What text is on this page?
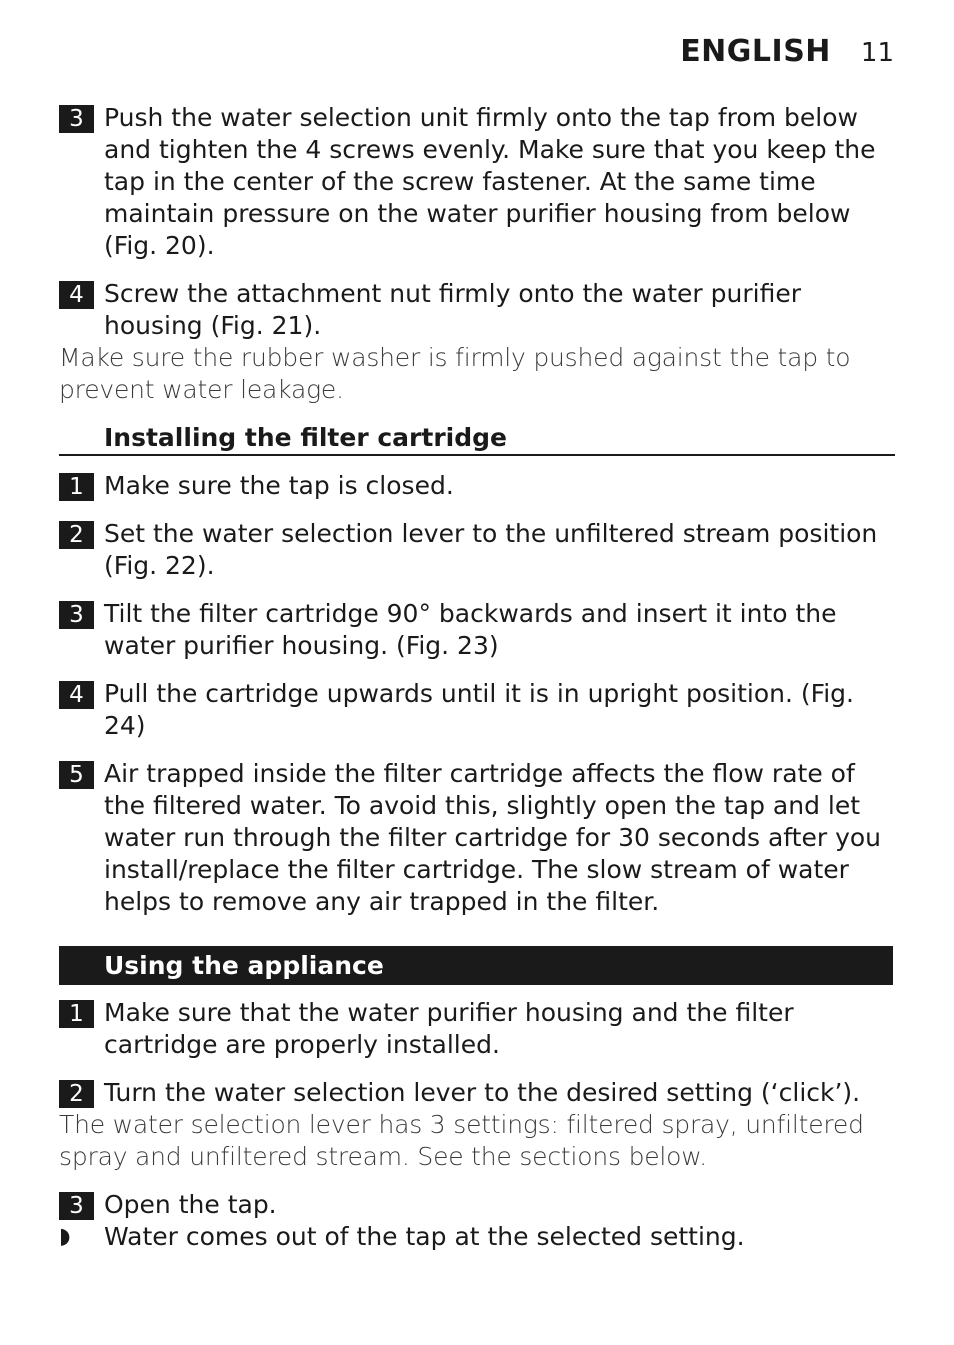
ENGLISH 11
3 Push the water selection unit firmly onto the tap from below and tighten the 4 screws evenly. Make sure that you keep the tap in the center of the screw fastener. At the same time maintain pressure on the water purifier housing from below (Fig. 20).
4 Screw the attachment nut firmly onto the water purifier housing (Fig. 21).
Make sure the rubber washer is firmly pushed against the tap to prevent water leakage.
Installing the filter cartridge
1 Make sure the tap is closed.
2 Set the water selection lever to the unfiltered stream position (Fig. 22).
3 Tilt the filter cartridge 90° backwards and insert it into the water purifier housing. (Fig. 23)
4 Pull the cartridge upwards until it is in upright position. (Fig. 24)
5 Air trapped inside the filter cartridge affects the flow rate of the filtered water. To avoid this, slightly open the tap and let water run through the filter cartridge for 30 seconds after you install/replace the filter cartridge. The slow stream of water helps to remove any air trapped in the filter.
Using the appliance
1 Make sure that the water purifier housing and the filter cartridge are properly installed.
2 Turn the water selection lever to the desired setting (‘click’).
The water selection lever has 3 settings: filtered spray, unfiltered spray and unfiltered stream. See the sections below.
3 Open the tap.
◗	Water comes out of the tap at the selected setting.
